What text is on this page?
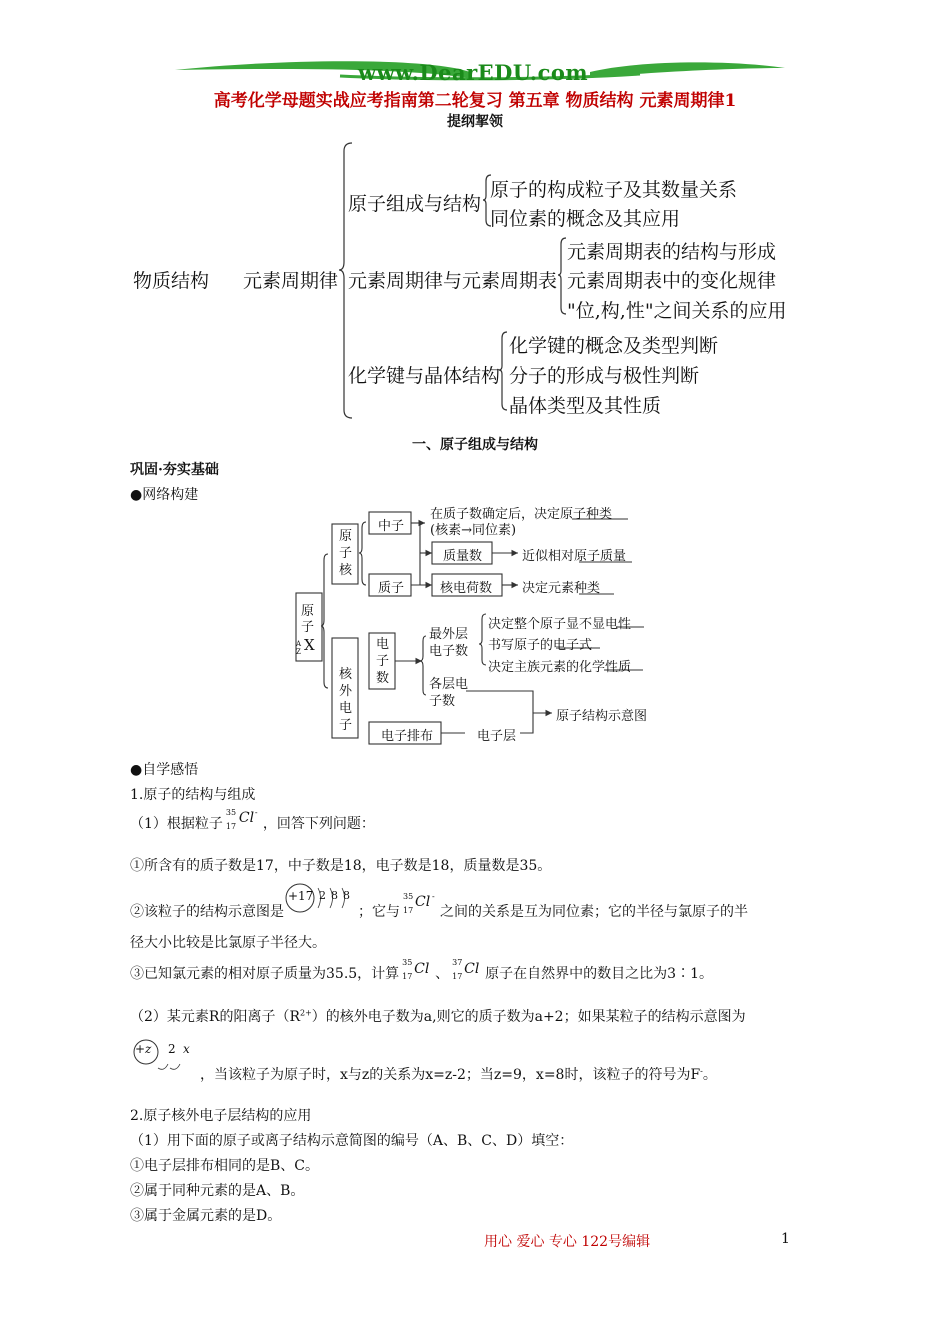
www.DearEDU.com
高考化学母题实战应考指南第二轮复习 第五章 物质结构 元素周期律1
提纲挈领
物质结构 元素周期律
原子组成与结构
原子的构成粒子及其数量关系
同位素的概念及其应用
元素周期律与元素周期表
元素周期表的结构与形成
元素周期表中的变化规律
"位,构,性"之间关系的应用
化学键与晶体结构
化学键的概念及类型判断
分子的形成与极性判断
晶体类型及其性质
一、原子组成与结构
巩固·夯实基础
●网络构建
原子
A
Z X
原子核
核外电子
中子
质子
质量数
核电荷数
在质子数确定后，决定原子种类
(核素→同位素)
近似相对原子质量
决定元素种类
电子数
最外层电子数
各层电子数
决定整个原子显不显电性
书写原子的电子式
决定主族元素的化学性质
电子排布	电子层
原子结构示意图
●自学感悟
1.原子的结构与组成
（1）根据粒子
35
17
Cl -
，回答下列问题：
①所含有的质子数是17，中子数是18，电子数是18，质量数是35。
②该粒子的结构示意图是
+17 2 8 8
；它与
35
17
Cl -
之间的关系是互为同位素；它的半径与氯原子的半
径大小比较是比氯原子半径大。
③已知氯元素的相对原子质量为35.5，计算
35
17 Cl 、
37
17 Cl 原子在自然界中的数目之比为3∶1。
（2）某元素R的阳离子$(R^{2+})$的核外电子数为a,则它的质子数为a+2；如果某粒子的结构示意图为
+z 2 x
，当该粒子为原子时，x与z的关系为x=z-2；当z=9，x=8时，该粒子的符号为F-。
2.原子核外电子层结构的应用
（1）用下面的原子或离子结构示意简图的编号（A、B、C、D）填空：
①电子层排布相同的是B、C。
②属于同种元素的是A、B。
③属于金属元素的是D。
用心 爱心 专心 122号编辑	1
